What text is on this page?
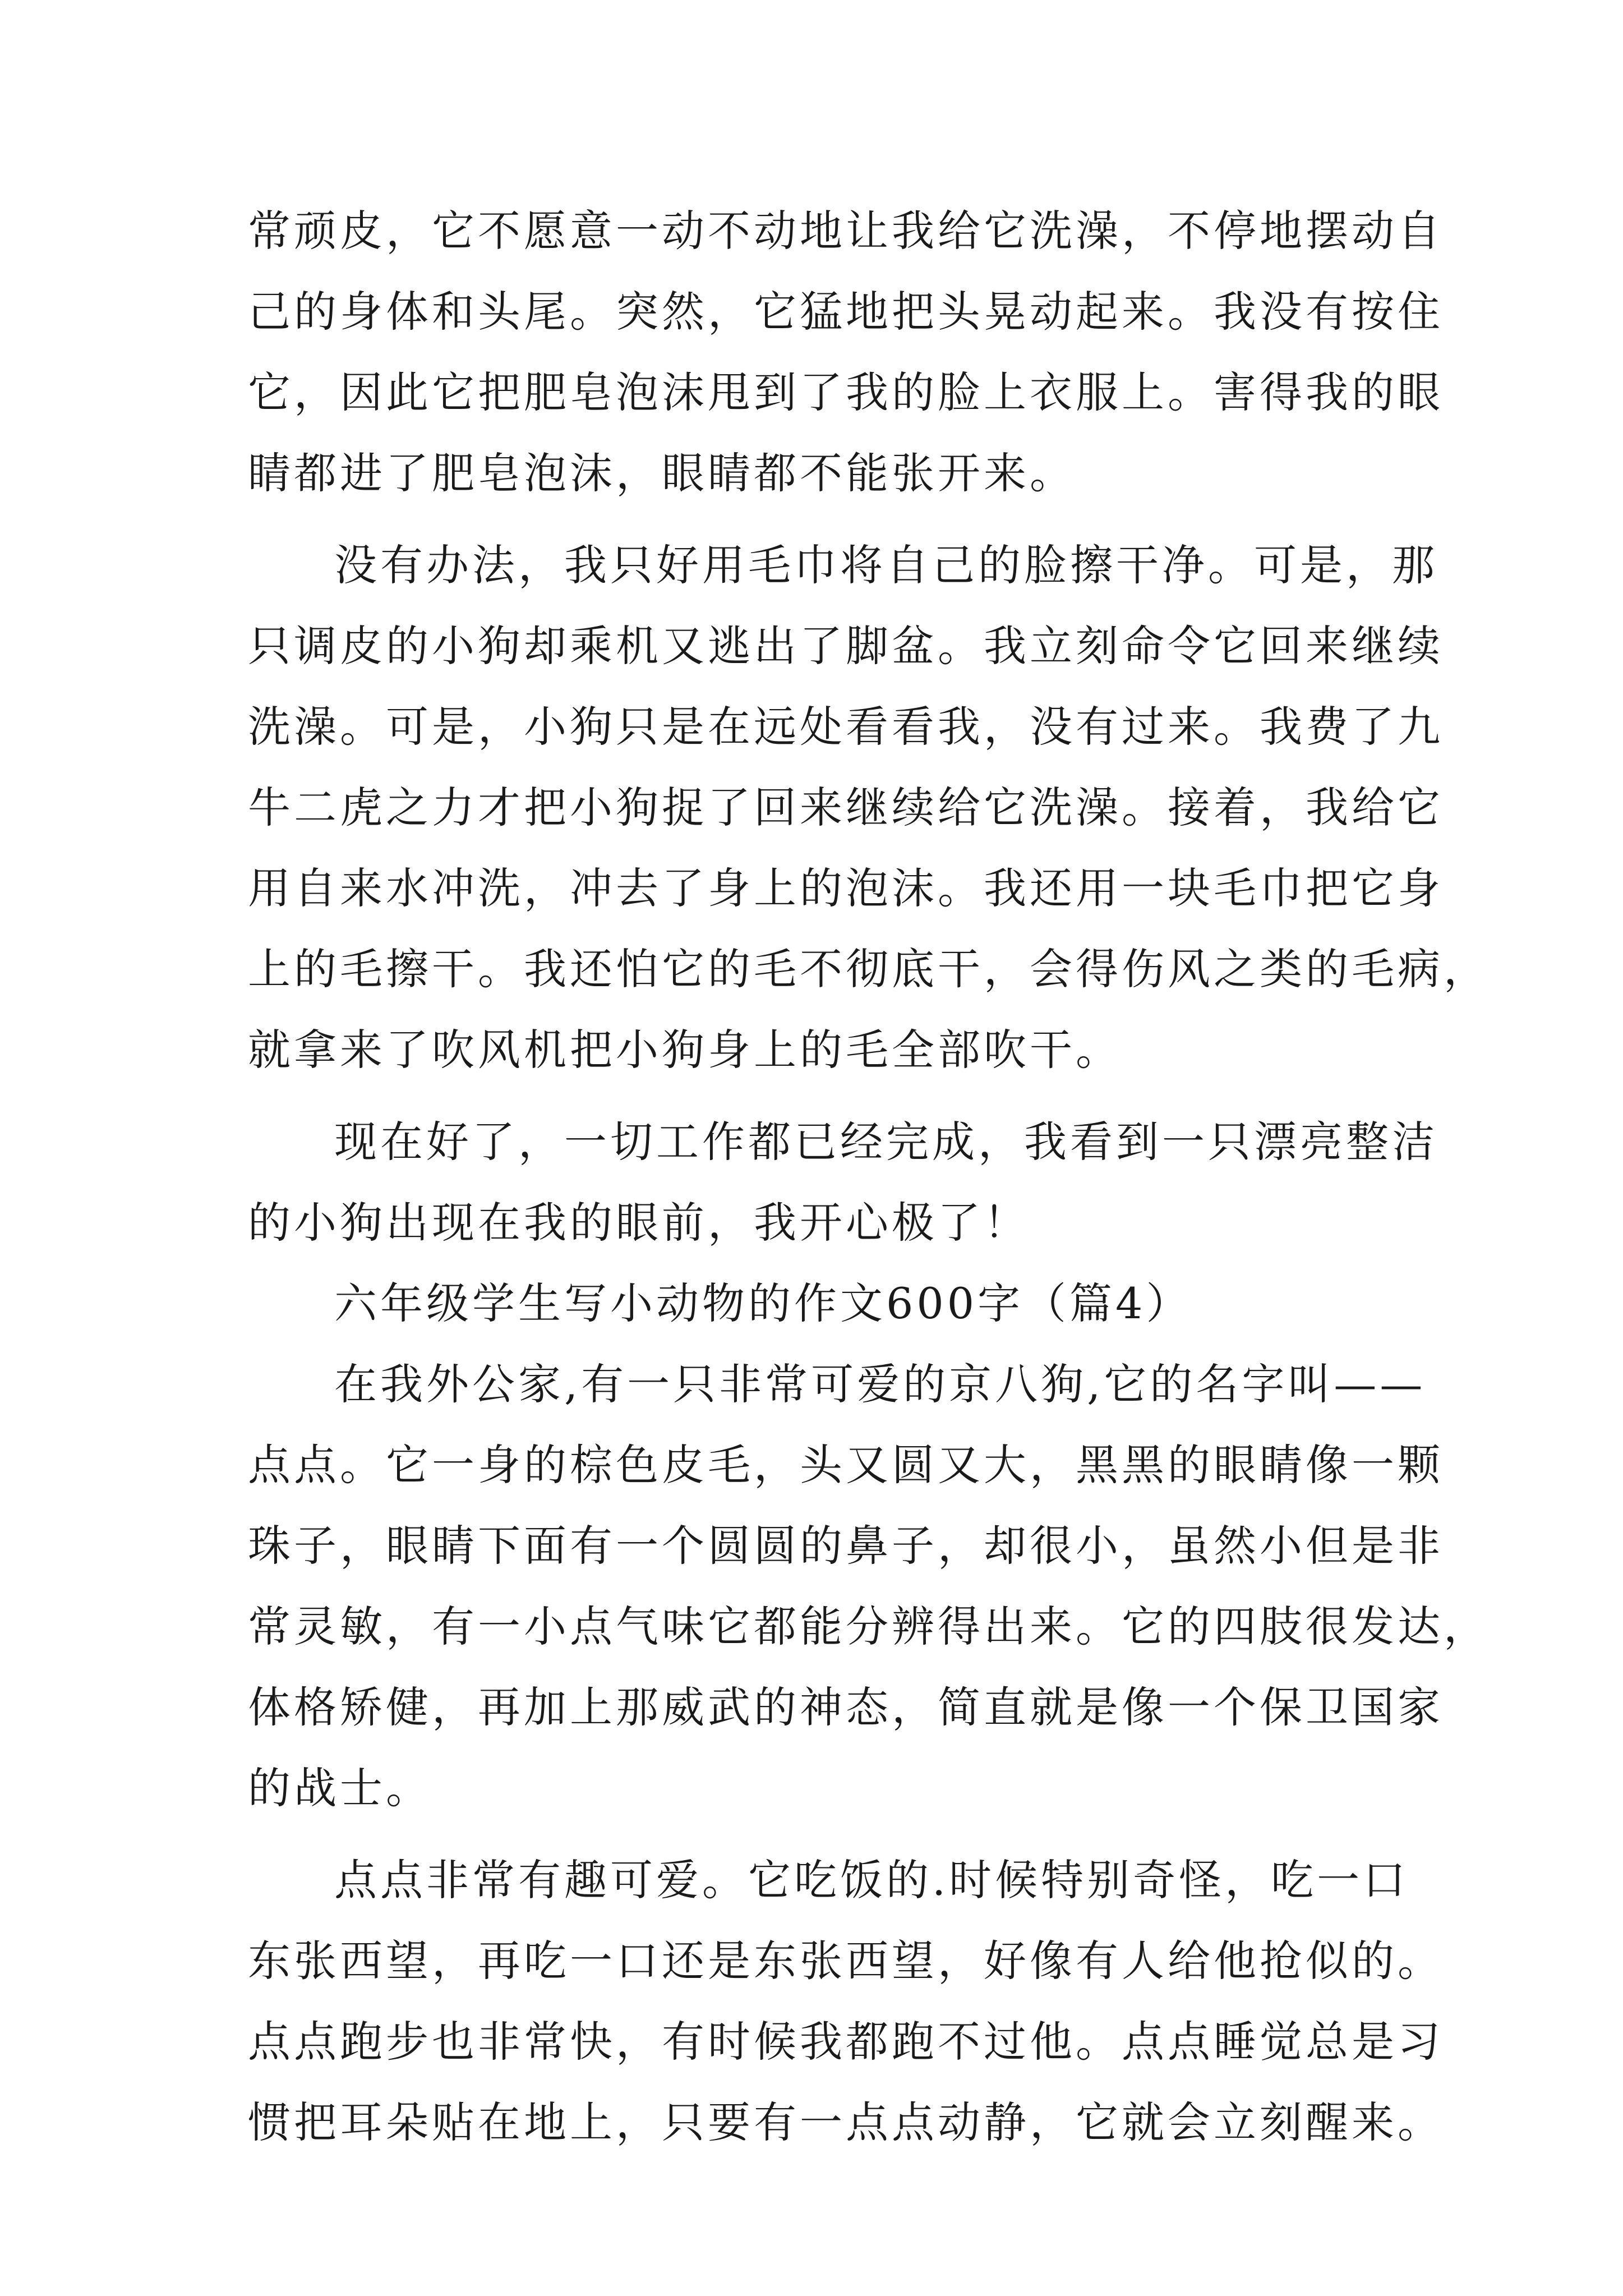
常顽皮，它不愿意一动不动地让我给它洗澡，不停地摆动自
己的身体和头尾。突然，它猛地把头晃动起来。我没有按住
它，因此它把肥皂泡沫甩到了我的脸上衣服上。害得我的眼
睛都进了肥皂泡沫，眼睛都不能张开来。
没有办法，我只好用毛巾将自己的脸擦干净。可是，那
只调皮的小狗却乘机又逃出了脚盆。我立刻命令它回来继续
洗澡。可是，小狗只是在远处看看我，没有过来。我费了九
牛二虎之力才把小狗捉了回来继续给它洗澡。接着，我给它
用自来水冲洗，冲去了身上的泡沫。我还用一块毛巾把它身
上的毛擦干。我还怕它的毛不彻底干，会得伤风之类的毛病，
就拿来了吹风机把小狗身上的毛全部吹干。
现在好了，一切工作都已经完成，我看到一只漂亮整洁
的小狗出现在我的眼前，我开心极了！
六年级学生写小动物的作文600字（篇4）
在我外公家,有一只非常可爱的京八狗,它的名字叫——
点点。它一身的棕色皮毛，头又圆又大，黑黑的眼睛像一颗
珠子，眼睛下面有一个圆圆的鼻子，却很小，虽然小但是非
常灵敏，有一小点气味它都能分辨得出来。它的四肢很发达，
体格矫健，再加上那威武的神态，简直就是像一个保卫国家
的战士。
点点非常有趣可爱。它吃饭的.时候特别奇怪，吃一口
东张西望，再吃一口还是东张西望，好像有人给他抢似的。
点点跑步也非常快，有时候我都跑不过他。点点睡觉总是习
惯把耳朵贴在地上，只要有一点点动静，它就会立刻醒来。
